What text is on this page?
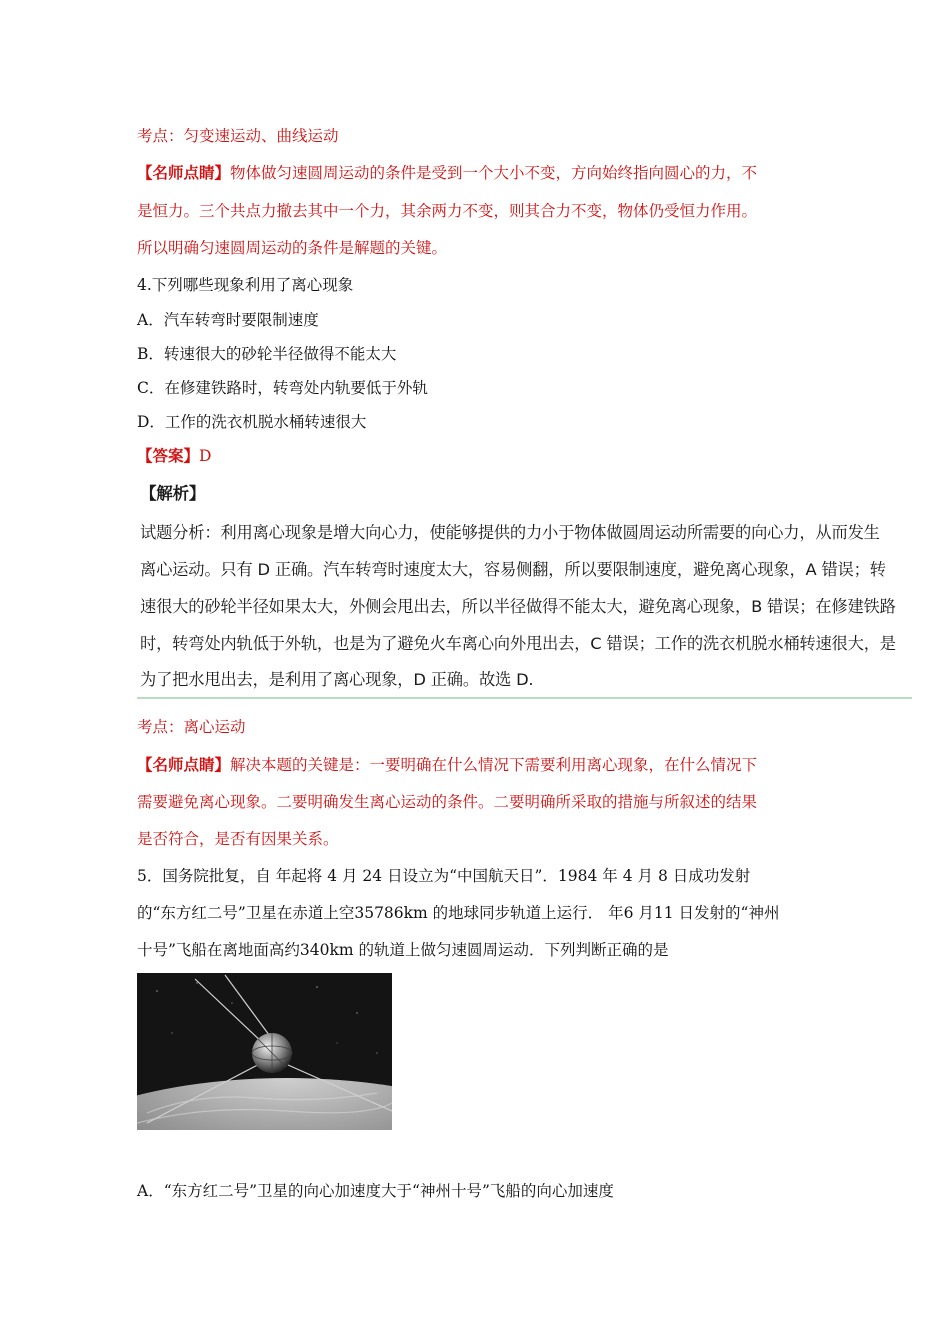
考点：匀变速运动、曲线运动
【名师点睛】物体做匀速圆周运动的条件是受到一个大小不变，方向始终指向圆心的力，不
是恒力。三个共点力撤去其中一个力，其余两力不变，则其合力不变，物体仍受恒力作用。
所以明确匀速圆周运动的条件是解题的关键。
4.下列哪些现象利用了离心现象
A．汽车转弯时要限制速度
B．转速很大的砂轮半径做得不能太大
C．在修建铁路时，转弯处内轨要低于外轨
D．工作的洗衣机脱水桶转速很大
【答案】D
【解析】
试题分析：利用离心现象是增大向心力，使能够提供的力小于物体做圆周运动所需要的向心力，从而发生
离心运动。只有 D 正确。汽车转弯时速度太大，容易侧翻，所以要限制速度，避免离心现象，A 错误；转
速很大的砂轮半径如果太大，外侧会甩出去，所以半径做得不能太大，避免离心现象，B 错误；在修建铁路
时，转弯处内轨低于外轨，也是为了避免火车离心向外甩出去，C 错误；工作的洗衣机脱水桶转速很大，是
为了把水甩出去，是利用了离心现象，D 正确。故选 D.
考点：离心运动
【名师点睛】解决本题的关键是：一要明确在什么情况下需要利用离心现象，在什么情况下
需要避免离心现象。二要明确发生离心运动的条件。二要明确所采取的措施与所叙述的结果
是否符合，是否有因果关系。
5．国务院批复，自 年起将 4 月 24 日设立为“中国航天日”．1984 年 4 月 8 日成功发射
的“东方红二号”卫星在赤道上空35786km 的地球同步轨道上运行． 年6 月11 日发射的“神州
十号”飞船在离地面高约340km 的轨道上做匀速圆周运动．下列判断正确的是
A．“东方红二号”卫星的向心加速度大于“神州十号”飞船的向心加速度
